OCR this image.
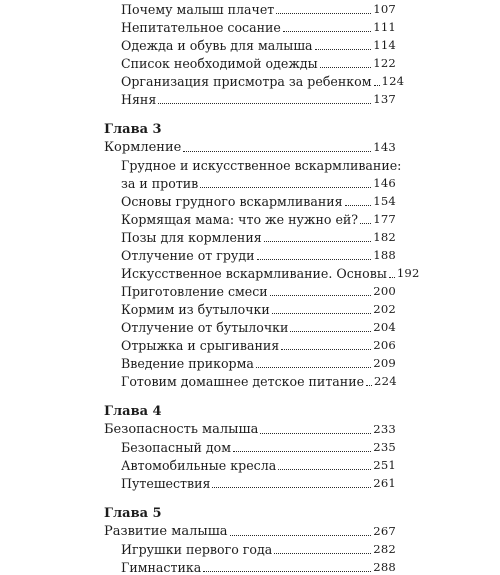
Почему малыш плачет	107
Непитательное сосание	111
Одежда и обувь для малыша	114
Список необходимой одежды	122
Организация присмотра за ребенком 124
Няня	137
Глава 3
Кормление	143
Грудное и искусственное вскармливание:
за и против	146
Основы грудного вскармливания	154
Кормящая мама: что же нужно ей? 177
Позы для кормления	182
Отлучение от груди	188
Искусственное вскармливание. Основы 192
Приготовление смеси	200
Кормим из бутылочки	202
Отлучение от бутылочки	204
Отрыжка и срыгивания	206
Введение прикорма	209
Готовим домашнее детское питание 224
Глава 4
Безопасность малыша	233
Безопасный дом	235
Автомобильные кресла	251
Путешествия	261
Глава 5
Развитие малыша	267
Игрушки первого года	282
Гимнастика	288
